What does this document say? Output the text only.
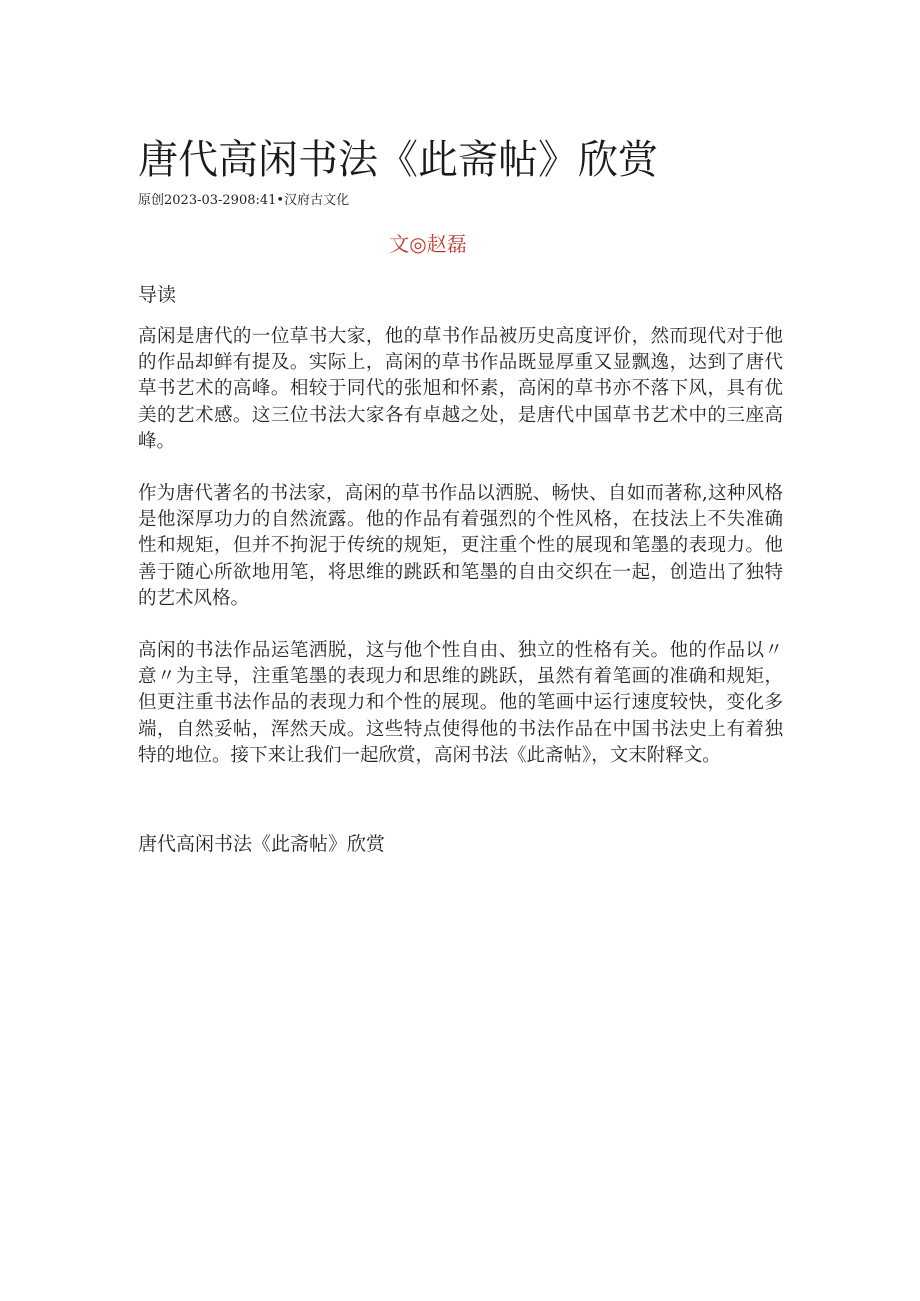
唐代高闲书法《此斋帖》欣赏
原创2023-03-2908:41•汉府古文化
文◎赵磊
导读

高闲是唐代的一位草书大家，他的草书作品被历史高度评价，然而现代对于他的作品却鲜有提及。实际上，高闲的草书作品既显厚重又显飘逸，达到了唐代草书艺术的高峰。相较于同代的张旭和怀素，高闲的草书亦不落下风，具有优美的艺术感。这三位书法大家各有卓越之处，是唐代中国草书艺术中的三座高峰。

作为唐代著名的书法家，高闲的草书作品以洒脱、畅快、自如而著称,这种风格是他深厚功力的自然流露。他的作品有着强烈的个性风格，在技法上不失准确性和规矩，但并不拘泥于传统的规矩，更注重个性的展现和笔墨的表现力。他善于随心所欲地用笔，将思维的跳跃和笔墨的自由交织在一起，创造出了独特的艺术风格。

高闲的书法作品运笔洒脱，这与他个性自由、独立的性格有关。他的作品以〃意〃为主导，注重笔墨的表现力和思维的跳跃，虽然有着笔画的准确和规矩，但更注重书法作品的表现力和个性的展现。他的笔画中运行速度较快，变化多端，自然妥帖，浑然天成。这些特点使得他的书法作品在中国书法史上有着独特的地位。接下来让我们一起欣赏，高闲书法《此斋帖》，文末附释文。

唐代高闲书法《此斋帖》欣赏
